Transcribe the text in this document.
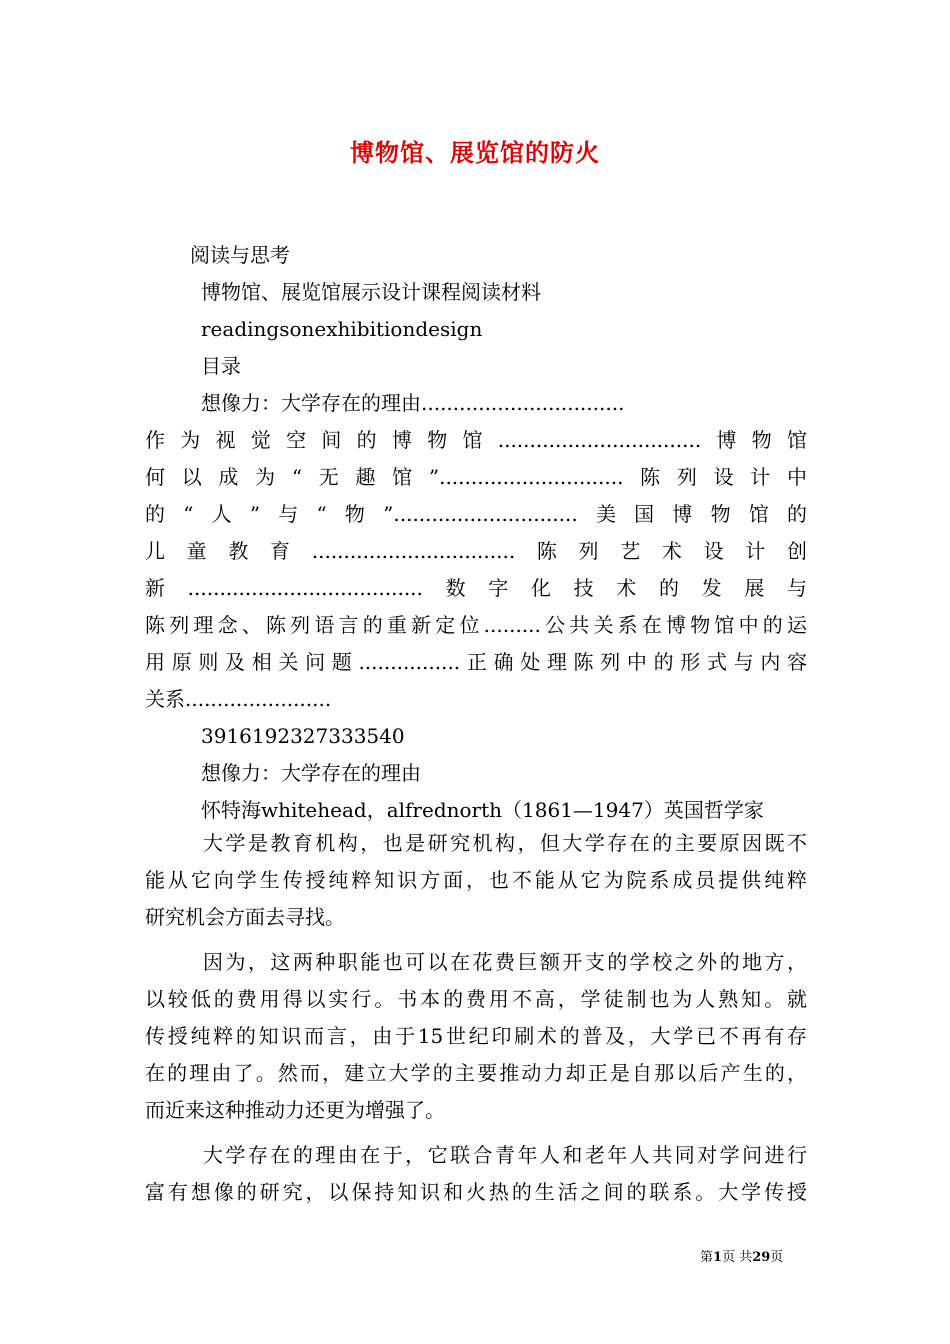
博物馆、展览馆的防火
阅读与思考
博物馆、展览馆展示设计课程阅读材料
readingsonexhibitiondesign
目录
想像力：大学存在的理由................................
作为视觉空间的博物馆................................博物馆
何以成为“无趣馆”.............................陈列设计中
的“人”与“物”.............................美国博物馆的
儿童教育................................陈列艺术设计创
新.....................................数字化技术的发展与
陈列理念、陈列语言的重新定位.........公共关系在博物馆中的运
用原则及相关问题................正确处理陈列中的形式与内容
关系.......................
3916192327333540
想像力：大学存在的理由
怀特海whitehead，alfrednorth（1861—1947）英国哲学家
大学是教育机构，也是研究机构，但大学存在的主要原因既不
能从它向学生传授纯粹知识方面，也不能从它为院系成员提供纯粹
研究机会方面去寻找。
因为，这两种职能也可以在花费巨额开支的学校之外的地方，
以较低的费用得以实行。书本的费用不高，学徒制也为人熟知。就
传授纯粹的知识而言，由于15世纪印刷术的普及，大学已不再有存
在的理由了。然而，建立大学的主要推动力却正是自那以后产生的，
而近来这种推动力还更为增强了。
大学存在的理由在于，它联合青年人和老年人共同对学问进行
富有想像的研究，以保持知识和火热的生活之间的联系。大学传授
第1页 共29页
